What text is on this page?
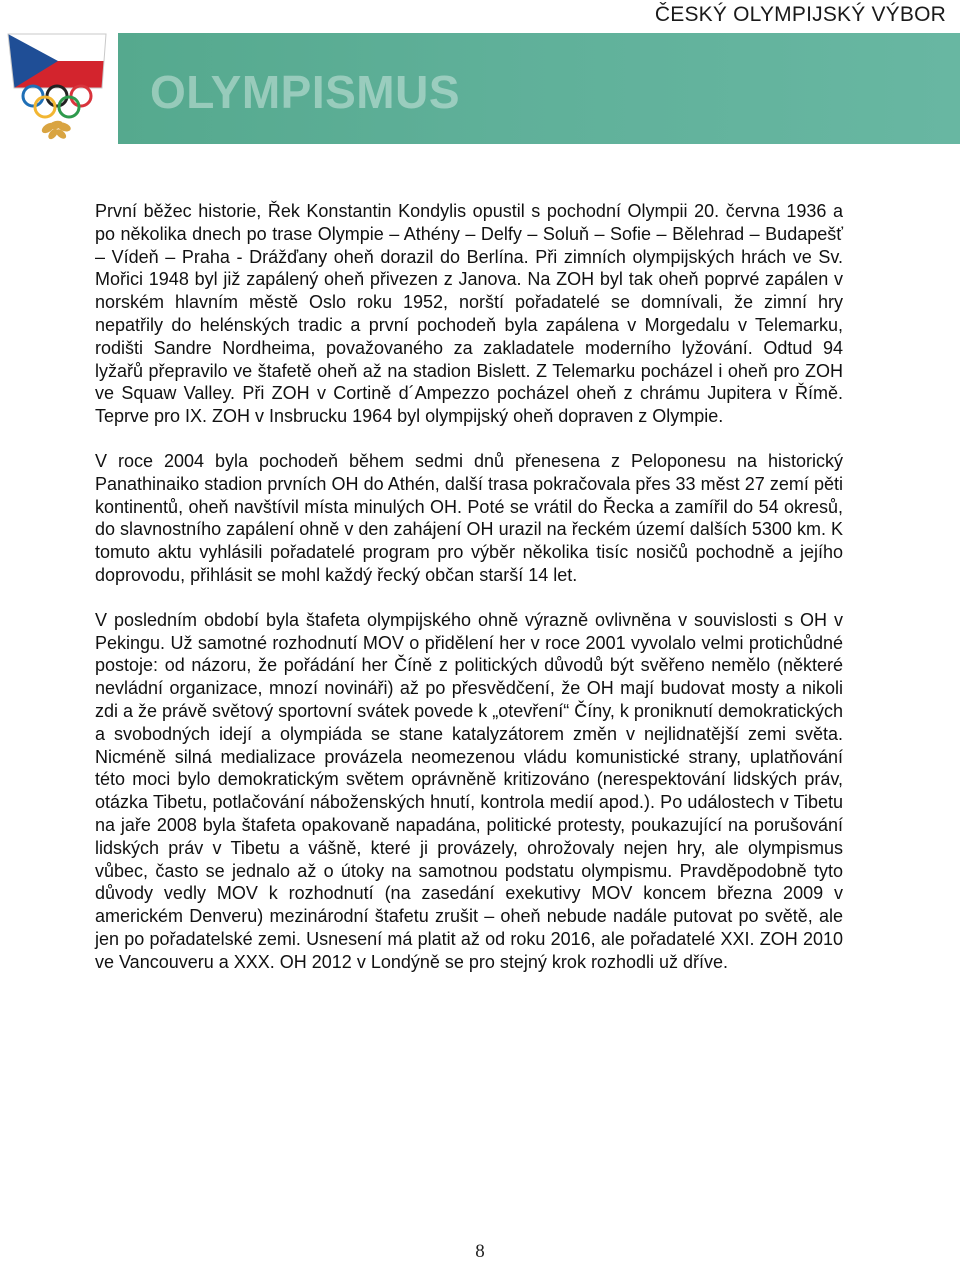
ČESKÝ OLYMPIJSKÝ VÝBOR
OLYMPISMUS

První běžec historie, Řek Konstantin Kondylis opustil s pochodní Olympii 20. června 1936 a po několika dnech po trase Olympie – Athény – Delfy – Soluň – Sofie – Bělehrad – Budapešť – Vídeň – Praha - Drážďany oheň dorazil do Berlína. Při zimních olympijských hrách ve Sv. Mořici 1948 byl již zapálený oheň přivezen z Janova. Na ZOH byl tak oheň poprvé zapálen v norském hlavním městě Oslo roku 1952, norští pořadatelé se domnívali, že zimní hry nepatřily do helénských tradic a první pochodeň byla zapálena v Morgedalu v Telemarku, rodišti Sandre Nordheima, považovaného za zakladatele moderního lyžování. Odtud 94 lyžařů přepravilo ve štafetě oheň až na stadion Bislett. Z Telemarku pocházel i oheň pro ZOH ve Squaw Valley. Při ZOH v Cortině d´Ampezzo pocházel oheň z chrámu Jupitera v Římě. Teprve pro IX. ZOH v Insbrucku 1964 byl olympijský oheň dopraven z Olympie.

V roce 2004 byla pochodeň během sedmi dnů přenesena z Peloponesu na historický Panathinaiko stadion prvních OH do Athén, další trasa pokračovala přes 33 měst 27 zemí pěti kontinentů, oheň navštívil místa minulých OH. Poté se vrátil do Řecka a zamířil do 54 okresů, do slavnostního zapálení ohně v den zahájení OH urazil na řeckém území dalších 5300 km. K tomuto aktu vyhlásili pořadatelé program pro výběr několika tisíc nosičů pochodně a jejího doprovodu, přihlásit se mohl každý řecký občan starší 14 let.

V posledním období byla štafeta olympijského ohně výrazně ovlivněna v souvislosti s OH v Pekingu. Už samotné rozhodnutí MOV o přidělení her v roce 2001 vyvolalo velmi protichůdné postoje: od názoru, že pořádání her Číně z politických důvodů být svěřeno nemělo (některé nevládní organizace, mnozí novináři) až po přesvědčení, že OH mají budovat mosty a nikoli zdi a že právě světový sportovní svátek povede k „otevření“ Číny, k proniknutí demokratických a svobodných idejí a olympiáda se stane katalyzátorem změn v nejlidnatější zemi světa. Nicméně silná medializace provázela neomezenou vládu komunistické strany, uplatňování této moci bylo demokratickým světem oprávněně kritizováno (nerespektování lidských práv, otázka Tibetu, potlačování náboženských hnutí, kontrola medií apod.). Po událostech v Tibetu na jaře 2008 byla štafeta opakovaně napadána, politické protesty, poukazující na porušování lidských práv v Tibetu a vášně, které ji provázely, ohrožovaly nejen hry, ale olympismus vůbec, často se jednalo až o útoky na samotnou podstatu olympismu. Pravděpodobně tyto důvody vedly MOV k rozhodnutí (na zasedání exekutivy MOV koncem března 2009 v americkém Denveru) mezinárodní štafetu zrušit – oheň nebude nadále putovat po světě, ale jen po pořadatelské zemi. Usnesení má platit až od roku 2016, ale pořadatelé XXI. ZOH 2010 ve Vancouveru a XXX. OH 2012 v Londýně se pro stejný krok rozhodli už dříve.

8
